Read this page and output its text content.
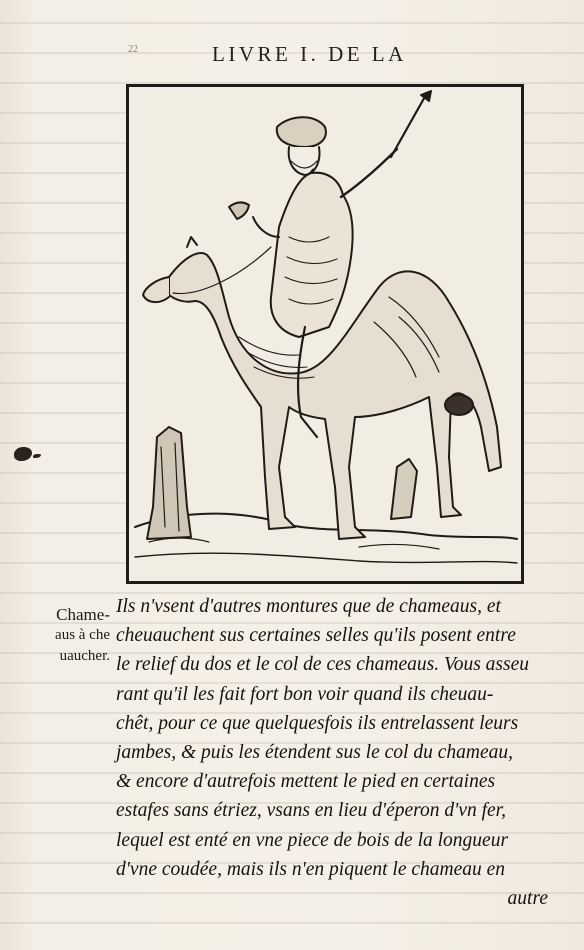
22	LIVRE I. DE LA
Chame-
aus à che
uaucher.
Ils n'vsent d'autres montures que de chameaus, et
cheuauchent sus certaines selles qu'ils posent entre
le relief du dos et le col de ces chameaus. Vous asseu
rant qu'il les fait fort bon voir quand ils cheuau-
chêt, pour ce que quelquesfois ils entrelassent leurs
jambes, & puis les étendent sus le col du chameau,
& encore d'autrefois mettent le pied en certaines
estafes sans étriez, vsans en lieu d'éperon d'vn fer,
lequel est enté en vne piece de bois de la longueur
d'vne coudée, mais ils n'en piquent le chameau en
autre
